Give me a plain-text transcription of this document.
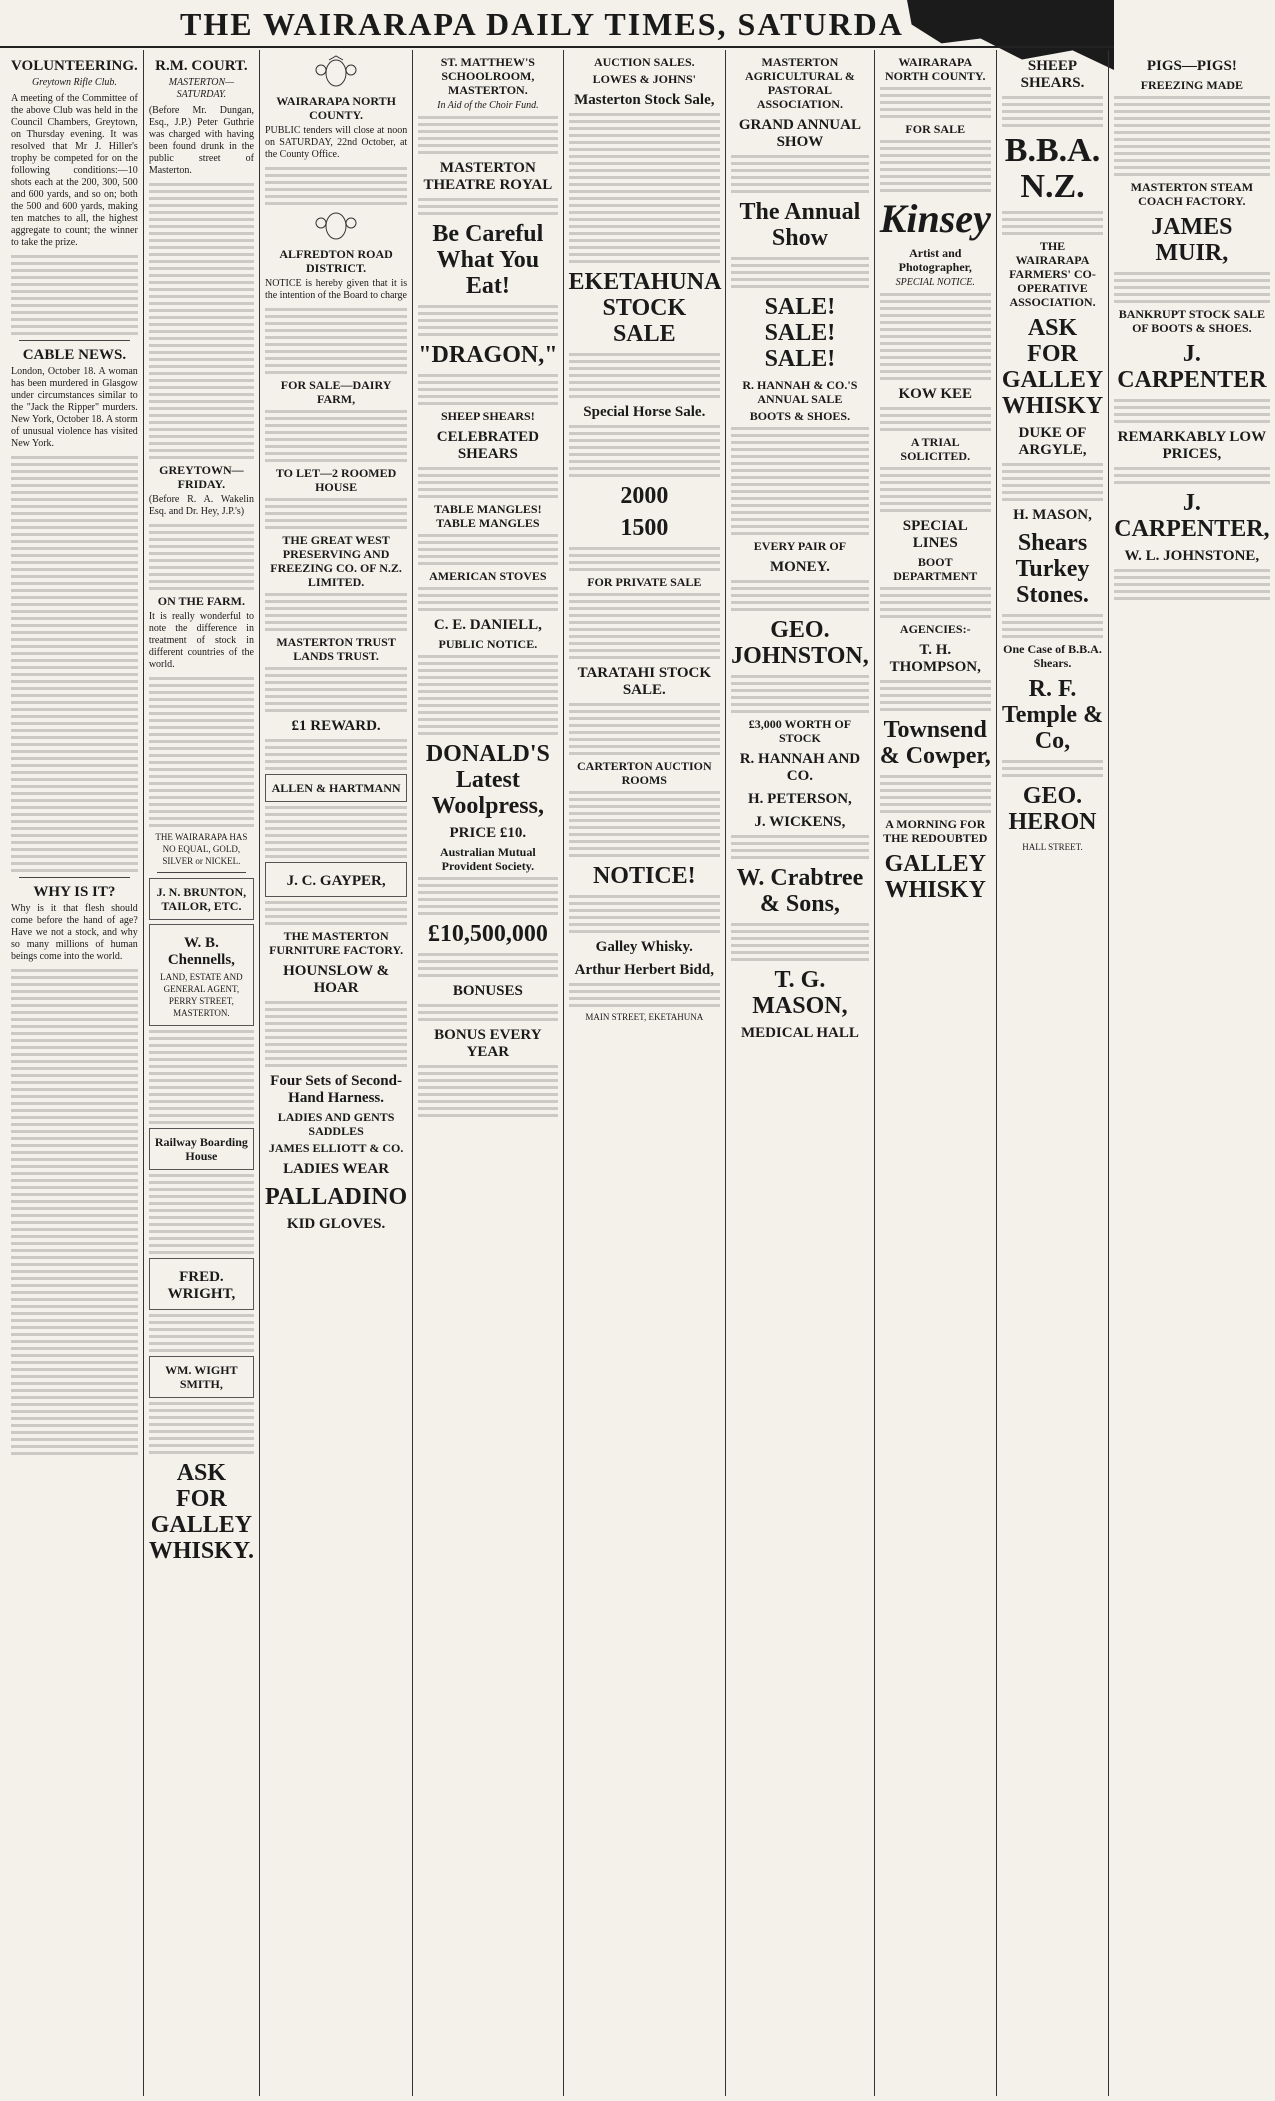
THE WAIRARAPA DAILY TIMES, SATURDA
VOLUNTEERING.
Greytown Rifle Club.
A meeting of the Committee of the above Club was held in the Council Chambers, Greytown, on Thursday evening. It was resolved that Mr J. Hiller's trophy be competed for on the following conditions:—10 shots each at the 200, 300, 500 and 600 yards, and so on; both the 500 and 600 yards, making ten matches to all, the highest aggregate to count; the winner to take the prize.
CABLE NEWS.
London, October 18. A woman has been murdered in Glasgow under circumstances similar to the "Jack the Ripper" murders. New York, October 18. A storm of unusual violence has visited New York.
WHY IS IT?
Why is it that flesh should come before the hand of age? Have we not a stock, and why so many millions of human beings come into the world.
R.M. COURT.
MASTERTON—SATURDAY.
(Before Mr. Dungan, Esq., J.P.) Peter Guthrie was charged with having been found drunk in the public street of Masterton.
GREYTOWN—FRIDAY.
(Before R. A. Wakelin Esq. and Dr. Hey, J.P.'s)
ON THE FARM.
It is really wonderful to note the difference in treatment of stock in different countries of the world.
THE WAIRARAPA HAS NO EQUAL, GOLD, SILVER or NICKEL.
J. N. BRUNTON, TAILOR, ETC.
W. B. Chennells,
LAND, ESTATE AND GENERAL AGENT, PERRY STREET, MASTERTON.
Railway Boarding House
FRED. WRIGHT,
WM. WIGHT SMITH,
ASK FOR GALLEY WHISKY.
WAIRARAPA NORTH COUNTY.
PUBLIC tenders will close at noon on SATURDAY, 22nd October, at the County Office.
ALFREDTON ROAD DISTRICT.
NOTICE is hereby given that it is the intention of the Board to charge
FOR SALE—DAIRY FARM,
TO LET—2 ROOMED HOUSE
THE GREAT WEST PRESERVING AND FREEZING CO. OF N.Z. LIMITED.
MASTERTON TRUST LANDS TRUST.
£1 REWARD.
ALLEN & HARTMANN
J. C. GAYPER,
THE MASTERTON FURNITURE FACTORY.
HOUNSLOW & HOAR
Four Sets of Second-Hand Harness.
LADIES AND GENTS SADDLES
JAMES ELLIOTT & CO.
LADIES WEAR
PALLADINO
KID GLOVES.
ST. MATTHEW'S SCHOOLROOM, MASTERTON.
In Aid of the Choir Fund.
MASTERTON THEATRE ROYAL
Be Careful What You Eat!
"DRAGON,"
SHEEP SHEARS!
CELEBRATED SHEARS
TABLE MANGLES! TABLE MANGLES
AMERICAN STOVES
C. E. DANIELL,
PUBLIC NOTICE.
DONALD'S Latest Woolpress,
PRICE £10.
Australian Mutual Provident Society.
£10,500,000
BONUSES
BONUS EVERY YEAR
AUCTION SALES.
LOWES & JOHNS'
Masterton Stock Sale,
EKETAHUNA STOCK SALE
Special Horse Sale.
2000
1500
FOR PRIVATE SALE
TARATAHI STOCK SALE.
CARTERTON AUCTION ROOMS
NOTICE!
Galley Whisky.
Arthur Herbert Bidd,
MAIN STREET, EKETAHUNA
MASTERTON AGRICULTURAL & PASTORAL ASSOCIATION.
GRAND ANNUAL SHOW
The Annual Show
SALE! SALE! SALE!
R. HANNAH & CO.'S ANNUAL SALE
BOOTS & SHOES.
EVERY PAIR OF
MONEY.
GEO. JOHNSTON,
£3,000 WORTH OF STOCK
R. HANNAH AND CO.
H. PETERSON,
J. WICKENS,
W. Crabtree & Sons,
T. G. MASON,
MEDICAL HALL
WAIRARAPA NORTH COUNTY.
FOR SALE
Kinsey
Artist and Photographer,
SPECIAL NOTICE.
KOW KEE
A TRIAL SOLICITED.
SPECIAL LINES
BOOT DEPARTMENT
AGENCIES:-
T. H. THOMPSON,
Townsend & Cowper,
A MORNING FOR THE REDOUBTED
GALLEY WHISKY
SHEEP SHEARS.
B.B.A. N.Z.
THE WAIRARAPA FARMERS' CO-OPERATIVE ASSOCIATION.
ASK FOR GALLEY WHISKY
DUKE OF ARGYLE,
H. MASON,
Shears Turkey Stones.
One Case of B.B.A. Shears.
R. F. Temple & Co,
GEO. HERON
HALL STREET.
PIGS—PIGS!
FREEZING MADE
MASTERTON STEAM COACH FACTORY.
JAMES MUIR,
BANKRUPT STOCK SALE OF BOOTS & SHOES.
J. CARPENTER
REMARKABLY LOW PRICES,
J. CARPENTER,
W. L. JOHNSTONE,
